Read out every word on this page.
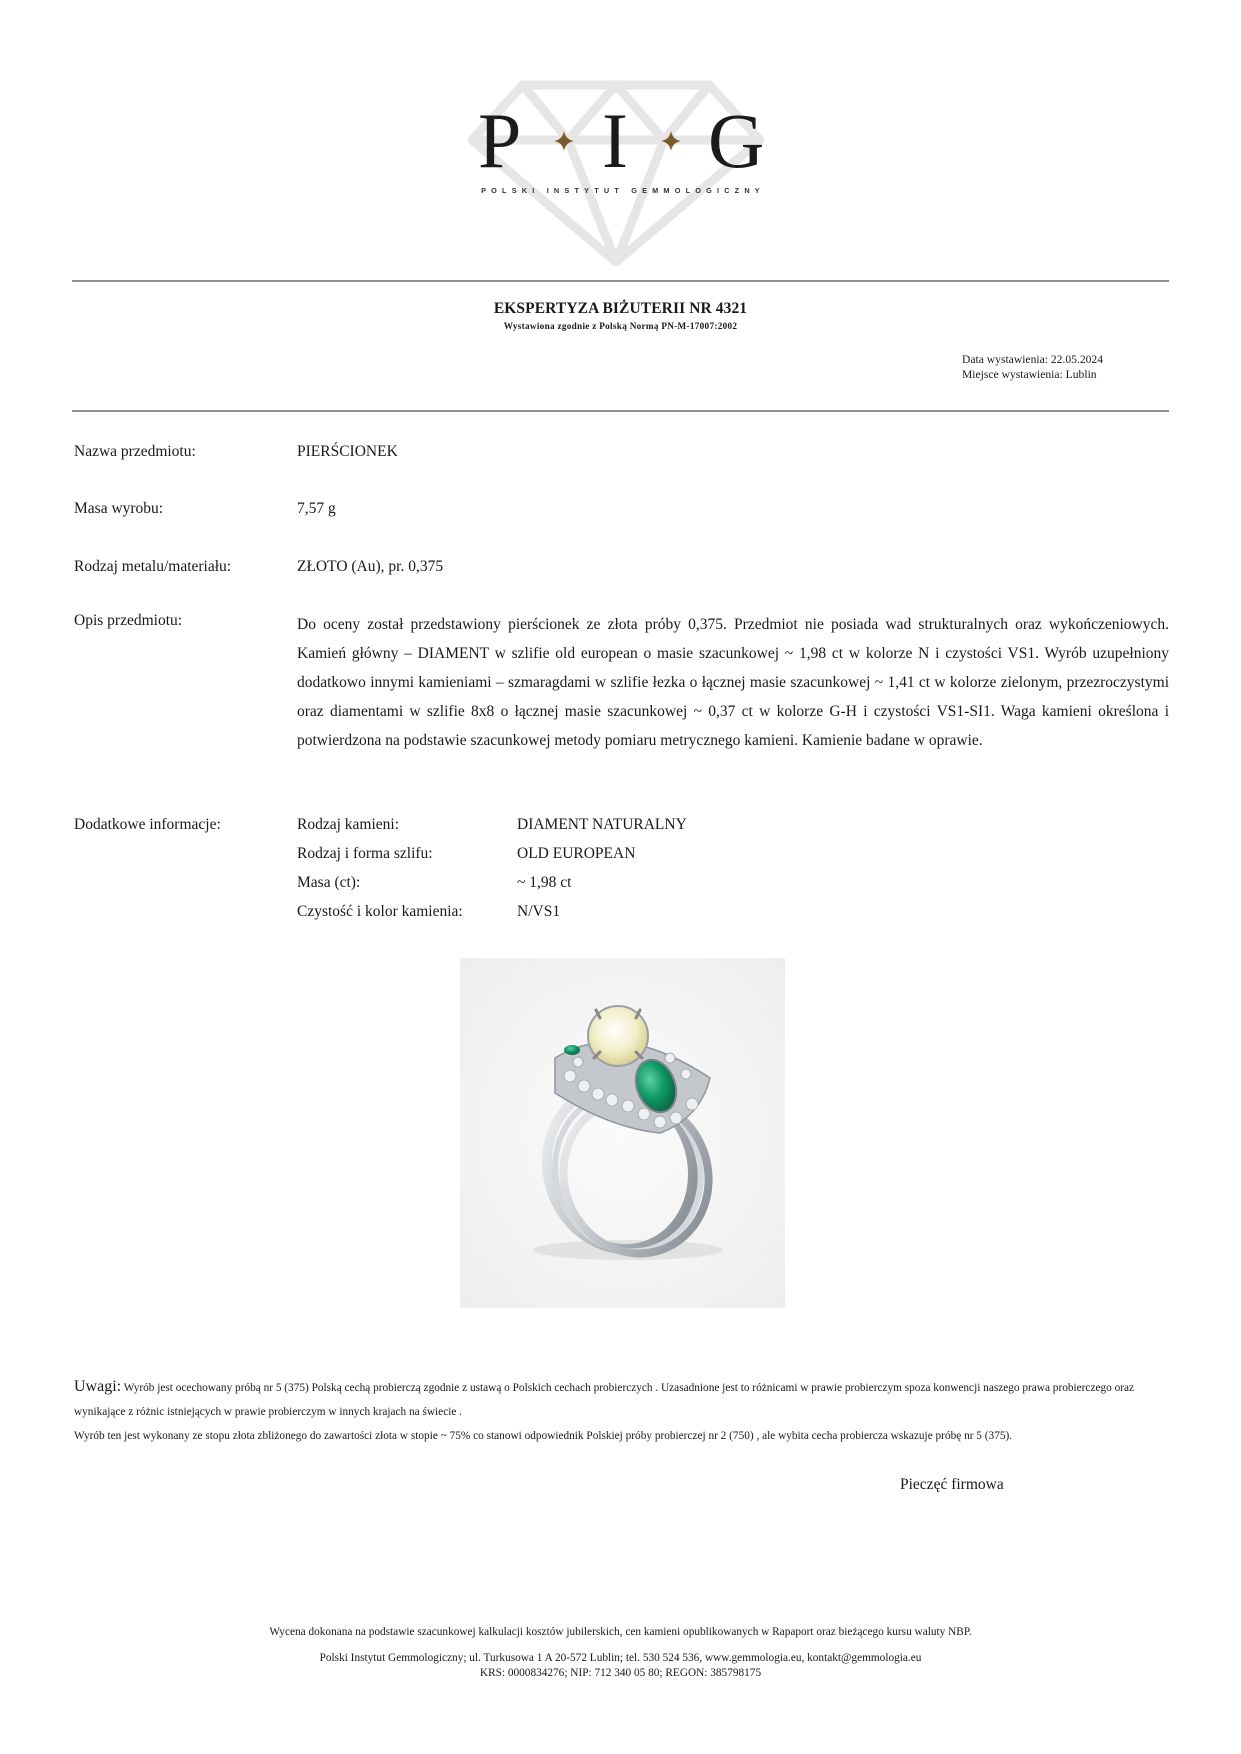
P I G
POLSKI INSTYTUT GEMMOLOGICZNY
EKSPERTYZA BIŻUTERII NR 4321
Wystawiona zgodnie z Polską Normą PN-M-17007:2002
Data wystawienia: 22.05.2024
Miejsce wystawienia: Lublin
Nazwa przedmiotu:	PIERŚCIONEK
Masa wyrobu:	7,57 g
Rodzaj metalu/materiału:	ZŁOTO (Au), pr. 0,375
Opis przedmiotu:	Do oceny został przedstawiony pierścionek ze złota próby 0,375. Przedmiot nie posiada wad strukturalnych oraz wykończeniowych. Kamień główny – DIAMENT w szlifie old european o masie szacunkowej ~ 1,98 ct w kolorze N i czystości VS1. Wyrób uzupełniony dodatkowo innymi kamieniami – szmaragdami w szlifie łezka o łącznej masie szacunkowej ~ 1,41 ct w kolorze zielonym, przezroczystymi oraz diamentami w szlifie 8x8 o łącznej masie szacunkowej ~ 0,37 ct w kolorze G-H i czystości VS1-SI1. Waga kamieni określona i potwierdzona na podstawie szacunkowej metody pomiaru metrycznego kamieni. Kamienie badane w oprawie.
Dodatkowe informacje:	Rodzaj kamieni:	DIAMENT NATURALNY
Rodzaj i forma szlifu:	OLD EUROPEAN
Masa (ct):	~ 1,98 ct
Czystość i kolor kamienia:	N/VS1
Uwagi: Wyrób jest ocechowany próbą nr 5 (375) Polską cechą probierczą zgodnie z ustawą o Polskich cechach probierczych . Uzasadnione jest to różnicami w prawie probierczym spoza konwencji naszego prawa probierczego oraz wynikające z różnic istniejących w prawie probierczym w innych krajach na świecie .
Wyrób ten jest wykonany ze stopu złota zbliżonego do zawartości złota w stopie ~ 75% co stanowi odpowiednik Polskiej próby probierczej nr 2 (750) , ale wybita cecha probiercza wskazuje próbę nr 5 (375).
Pieczęć firmowa
Wycena dokonana na podstawie szacunkowej kalkulacji kosztów jubilerskich, cen kamieni opublikowanych w Rapaport oraz bieżącego kursu waluty NBP.
Polski Instytut Gemmologiczny; ul. Turkusowa 1 A 20-572 Lublin; tel. 530 524 536, www.gemmologia.eu, kontakt@gemmologia.eu
KRS: 0000834276; NIP: 712 340 05 80; REGON: 385798175
